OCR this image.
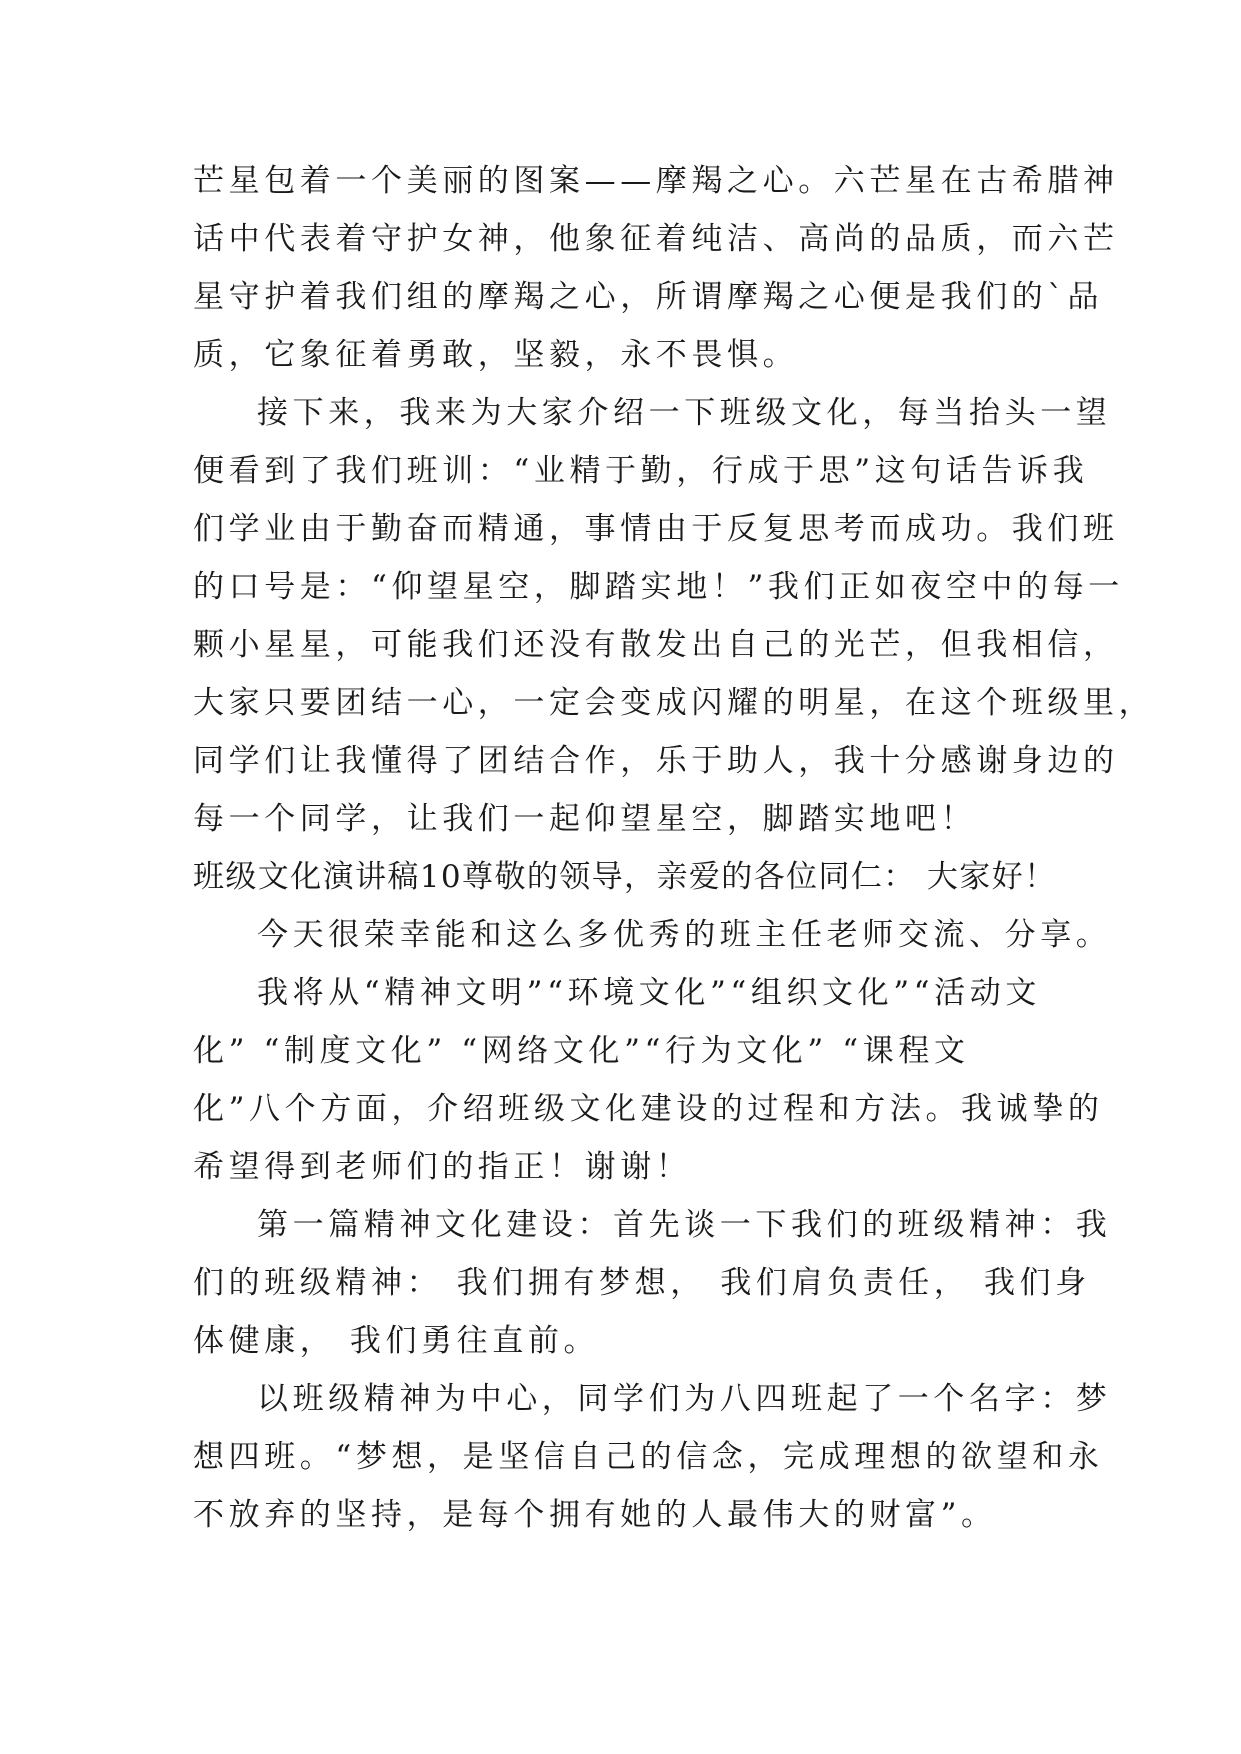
芒星包着一个美丽的图案——摩羯之心。六芒星在古希腊神
话中代表着守护女神，他象征着纯洁、高尚的品质，而六芒
星守护着我们组的摩羯之心，所谓摩羯之心便是我们的`品
质，它象征着勇敢，坚毅，永不畏惧。
接下来，我来为大家介绍一下班级文化，每当抬头一望
便看到了我们班训：“业精于勤，行成于思”这句话告诉我
们学业由于勤奋而精通，事情由于反复思考而成功。我们班
的口号是：“仰望星空，脚踏实地！”我们正如夜空中的每一
颗小星星，可能我们还没有散发出自己的光芒，但我相信，
大家只要团结一心，一定会变成闪耀的明星，在这个班级里，
同学们让我懂得了团结合作，乐于助人，我十分感谢身边的
每一个同学，让我们一起仰望星空，脚踏实地吧！
班级文化演讲稿10尊敬的领导，亲爱的各位同仁： 大家好！
今天很荣幸能和这么多优秀的班主任老师交流、分享。
我将从“精神文明”“环境文化”“组织文化”“活动文
化” “制度文化” “网络文化”“行为文化” “课程文
化”八个方面，介绍班级文化建设的过程和方法。我诚挚的
希望得到老师们的指正！谢谢！
第一篇精神文化建设：首先谈一下我们的班级精神：我
们的班级精神： 我们拥有梦想， 我们肩负责任， 我们身
体健康， 我们勇往直前。
以班级精神为中心，同学们为八四班起了一个名字：梦
想四班。“梦想，是坚信自己的信念，完成理想的欲望和永
不放弃的坚持，是每个拥有她的人最伟大的财富”。
